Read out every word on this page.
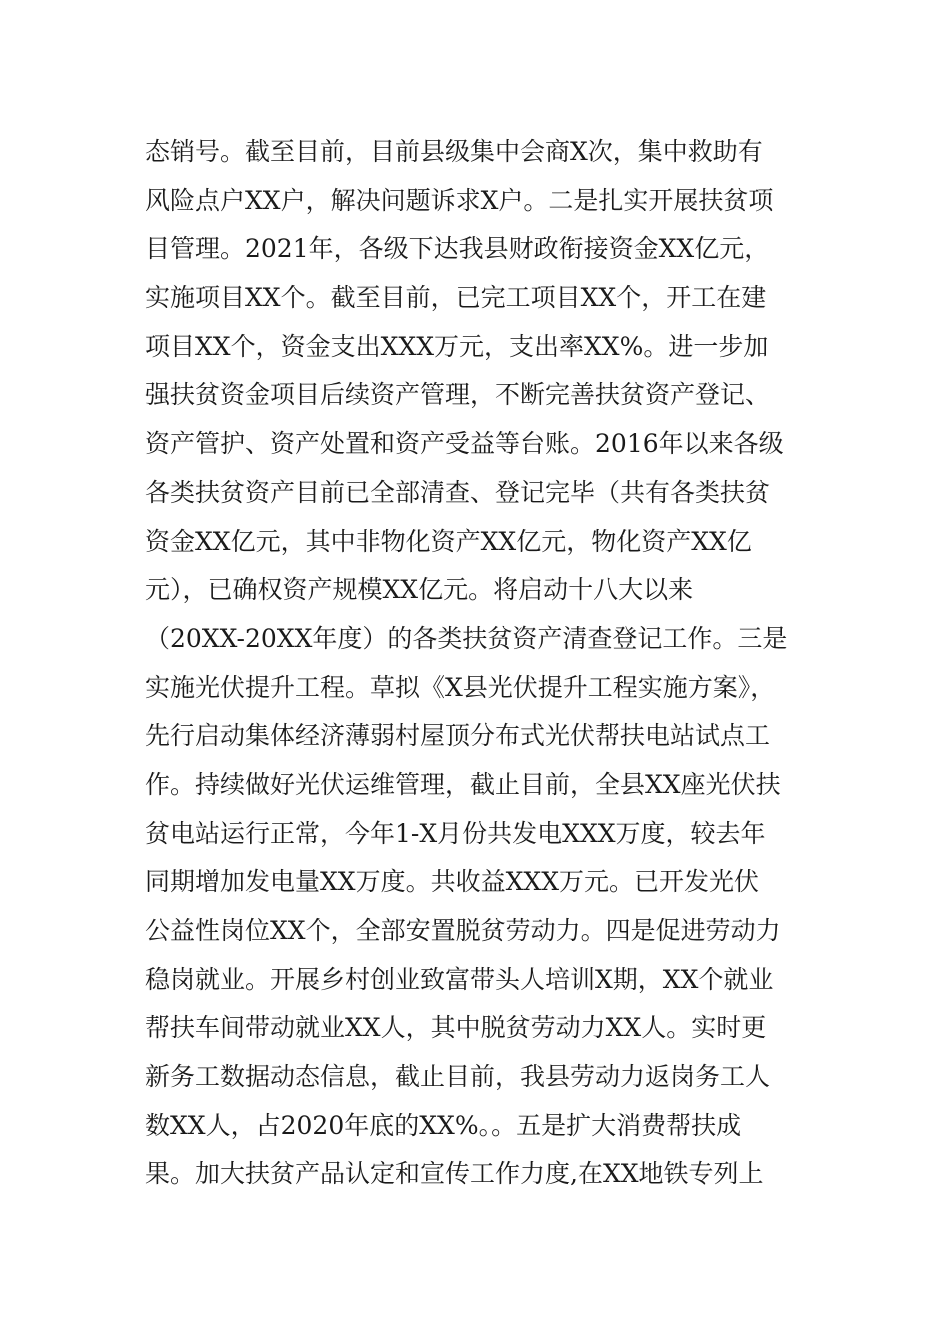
态销号。截至目前，目前县级集中会商X次，集中救助有
风险点户XX户，解决问题诉求X户。二是扎实开展扶贫项
目管理。2021年，各级下达我县财政衔接资金XX亿元，
实施项目XX个。截至目前，已完工项目XX个，开工在建
项目XX个，资金支出XXX万元，支出率XX%。进一步加
强扶贫资金项目后续资产管理，不断完善扶贫资产登记、
资产管护、资产处置和资产受益等台账。2016年以来各级
各类扶贫资产目前已全部清查、登记完毕（共有各类扶贫
资金XX亿元，其中非物化资产XX亿元，物化资产XX亿
元），已确权资产规模XX亿元。将启动十八大以来
（20XX-20XX年度）的各类扶贫资产清查登记工作。三是
实施光伏提升工程。草拟《X县光伏提升工程实施方案》，
先行启动集体经济薄弱村屋顶分布式光伏帮扶电站试点工
作。持续做好光伏运维管理，截止目前，全县XX座光伏扶
贫电站运行正常，今年1-X月份共发电XXX万度，较去年
同期增加发电量XX万度。共收益XXX万元。已开发光伏
公益性岗位XX个，全部安置脱贫劳动力。四是促进劳动力
稳岗就业。开展乡村创业致富带头人培训X期，XX个就业
帮扶车间带动就业XX人，其中脱贫劳动力XX人。实时更
新务工数据动态信息，截止目前，我县劳动力返岗务工人
数XX人，占2020年底的XX%。。五是扩大消费帮扶成
果。加大扶贫产品认定和宣传工作力度,在XX地铁专列上
